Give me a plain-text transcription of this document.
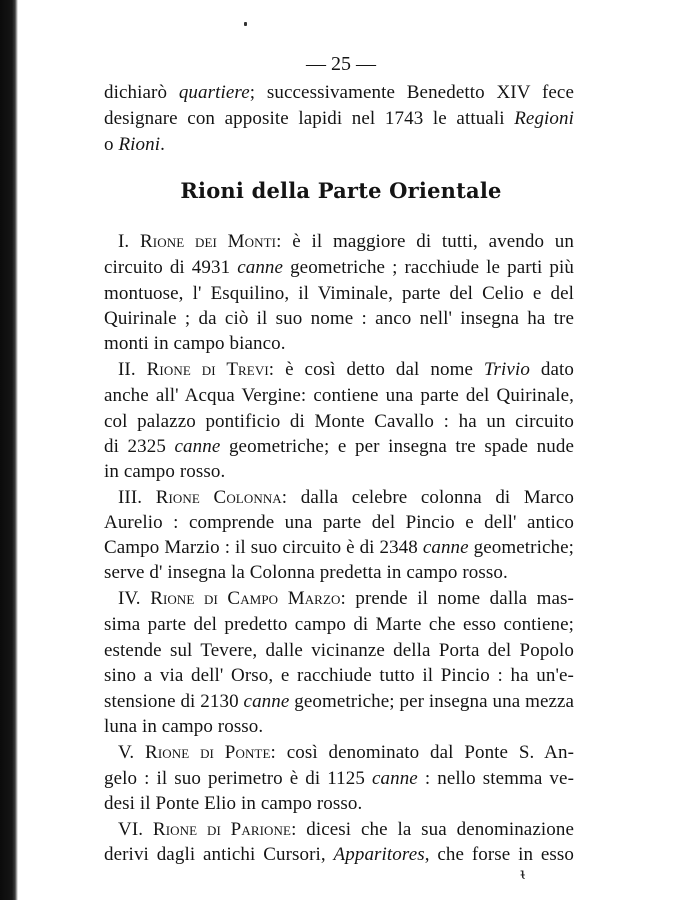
— 25 —
dichiarò quartiere; successivamente Benedetto XIV fece
designare con apposite lapidi nel 1743 le attuali Regioni
o Rioni.
Rioni della Parte Orientale
I. Rione dei Monti: è il maggiore di tutti, avendo un
circuito di 4931 canne geometriche ; racchiude le parti più
montuose, l' Esquilino, il Viminale, parte del Celio e del
Quirinale ; da ciò il suo nome : anco nell' insegna ha tre
monti in campo bianco.
II. Rione di Trevi: è così detto dal nome Trivio dato
anche all' Acqua Vergine: contiene una parte del Quirinale,
col palazzo pontificio di Monte Cavallo : ha un circuito
di 2325 canne geometriche; e per insegna tre spade nude
in campo rosso.
III. Rione Colonna: dalla celebre colonna di Marco
Aurelio : comprende una parte del Pincio e dell' antico
Campo Marzio : il suo circuito è di 2348 canne geometriche;
serve d' insegna la Colonna predetta in campo rosso.
IV. Rione di Campo Marzo: prende il nome dalla mas-
sima parte del predetto campo di Marte che esso contiene;
estende sul Tevere, dalle vicinanze della Porta del Popolo
sino a via dell' Orso, e racchiude tutto il Pincio : ha un'e-
stensione di 2130 canne geometriche; per insegna una mezza
luna in campo rosso.
V. Rione di Ponte: così denominato dal Ponte S. An-
gelo : il suo perimetro è di 1125 canne : nello stemma ve-
desi il Ponte Elio in campo rosso.
VI. Rione di Parione: dicesi che la sua denominazione
derivi dagli antichi Cursori, Apparitores, che forse in esso
ᵼ
